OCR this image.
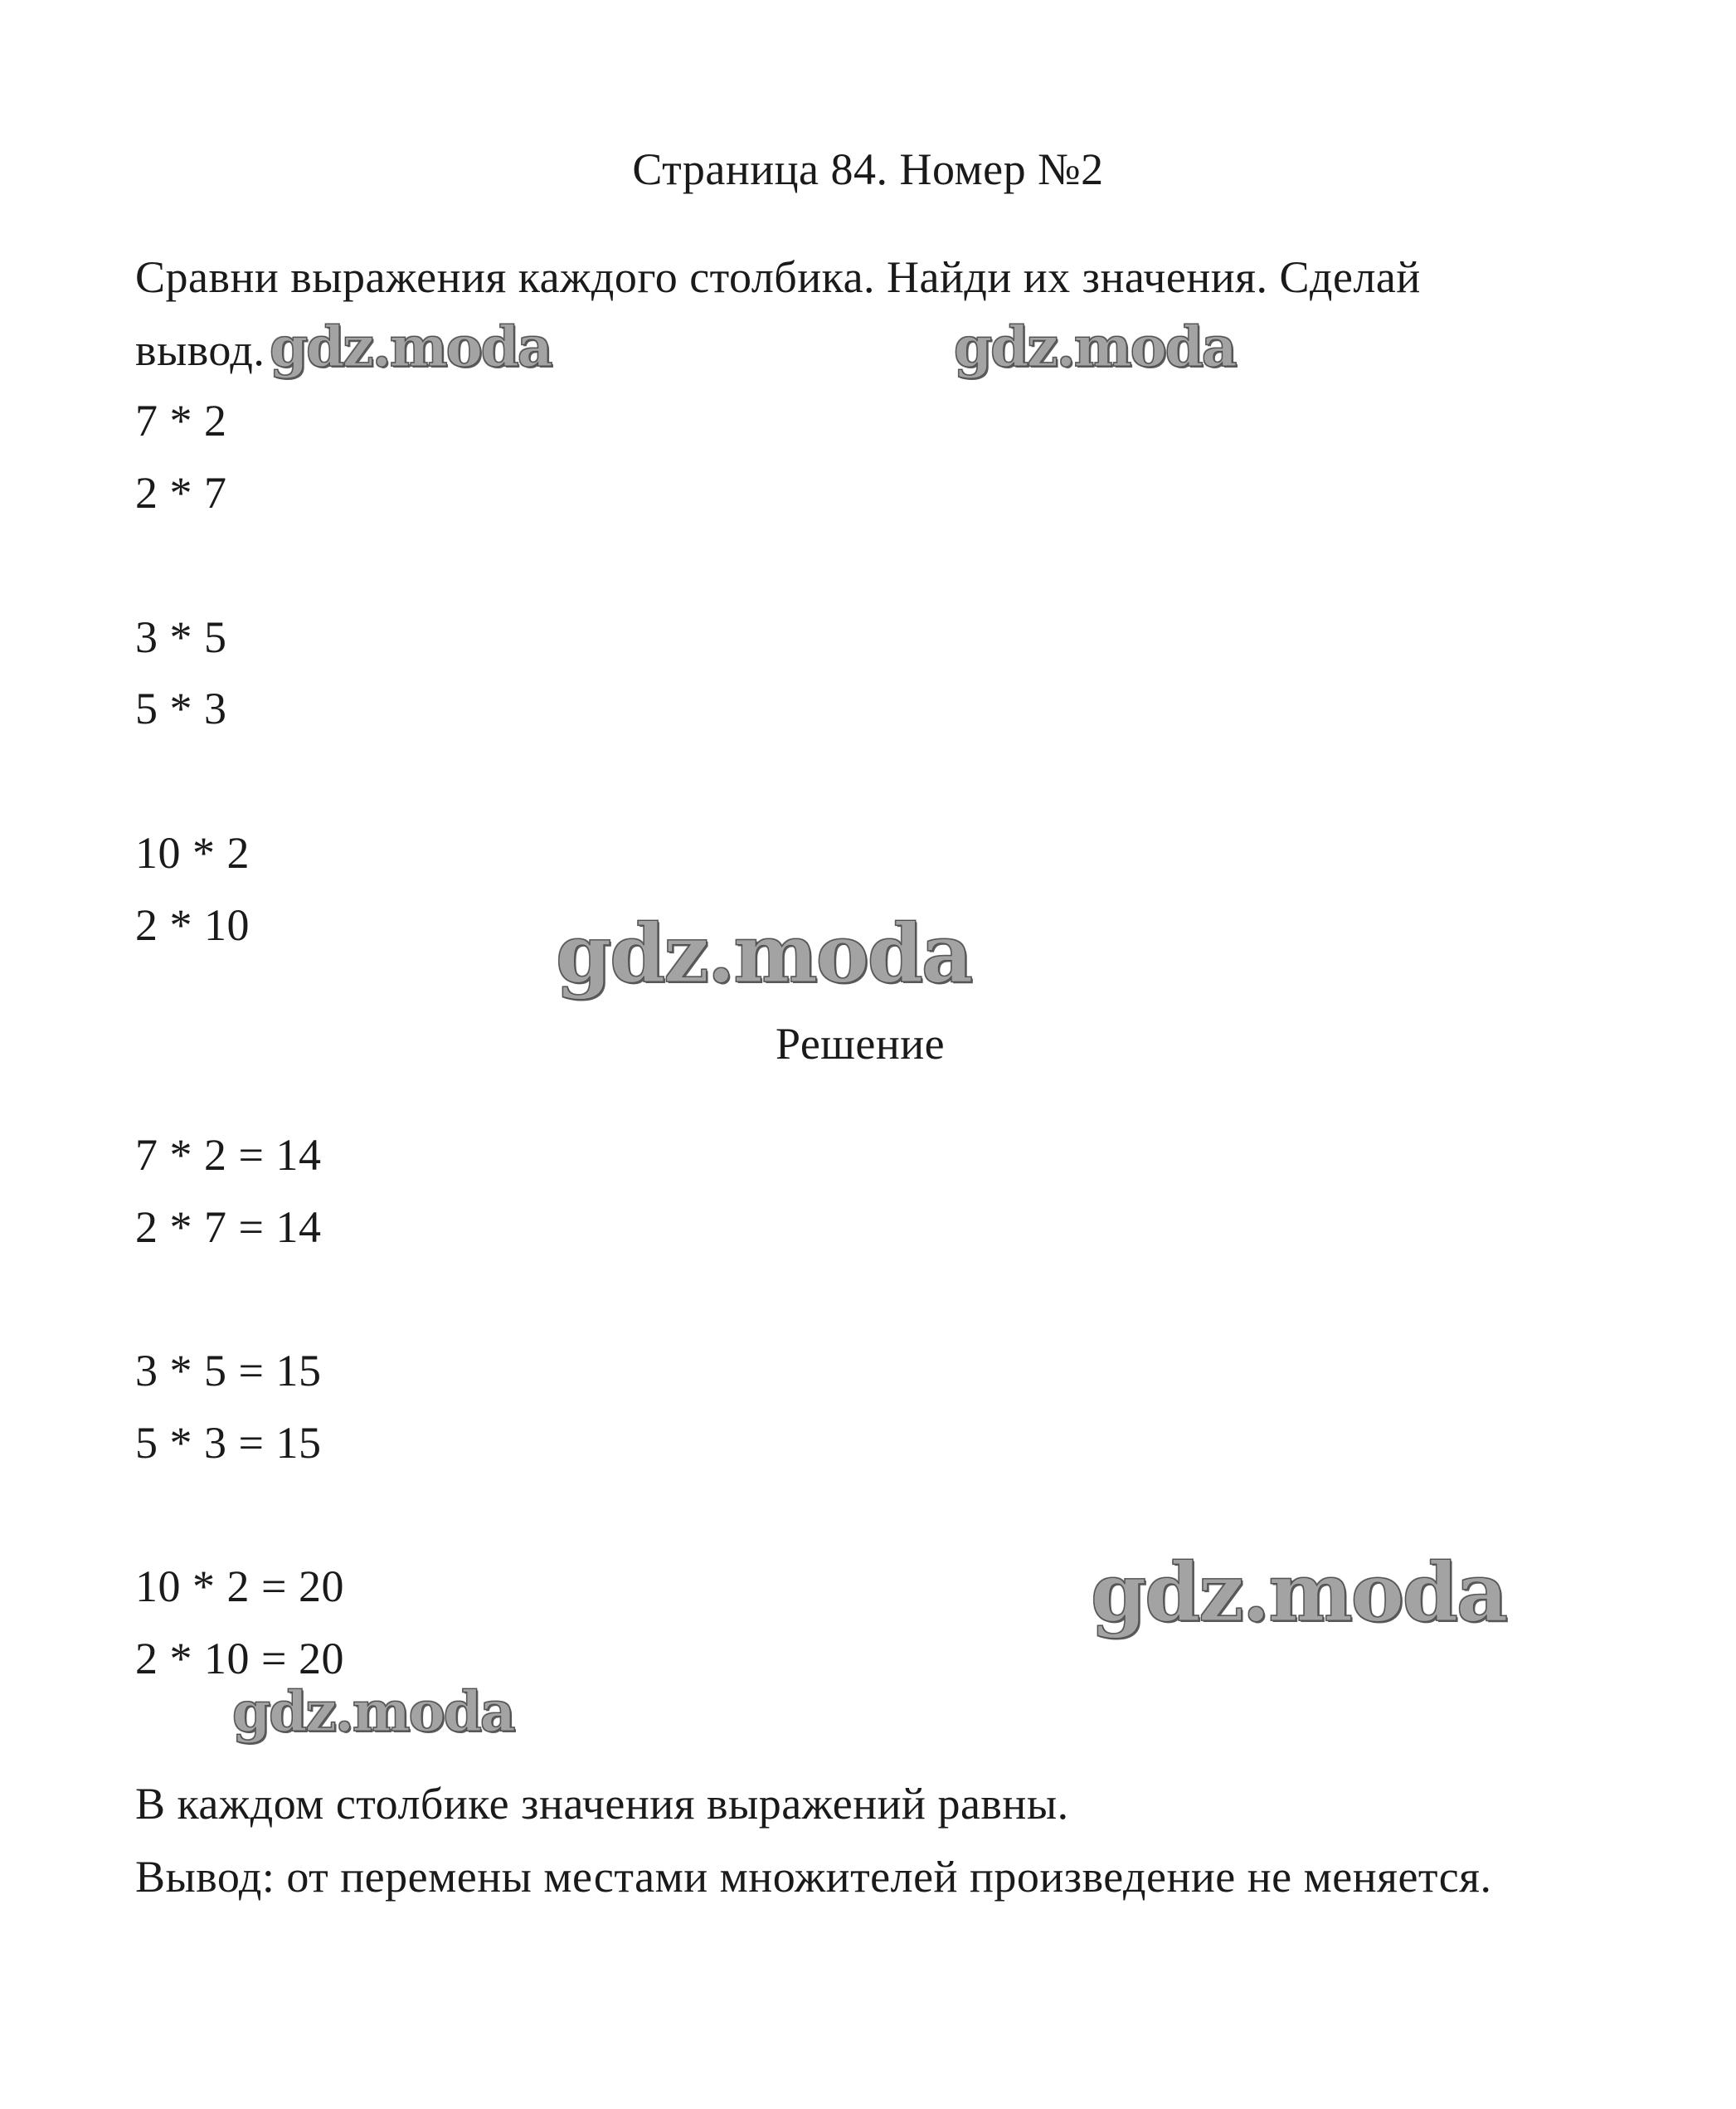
Страница 84. Номер №2
Сравни выражения каждого столбика. Найди их значения. Сделай
вывод.
7 * 2
2 * 7
3 * 5
5 * 3
10 * 2
2 * 10
Решение
7 * 2 = 14
2 * 7 = 14
3 * 5 = 15
5 * 3 = 15
10 * 2 = 20
2 * 10 = 20
В каждом столбике значения выражений равны.
Вывод: от перемены местами множителей произведение не меняется.
gdz.moda	gdz.moda
gdz.moda
gdz.moda
gdz.moda
